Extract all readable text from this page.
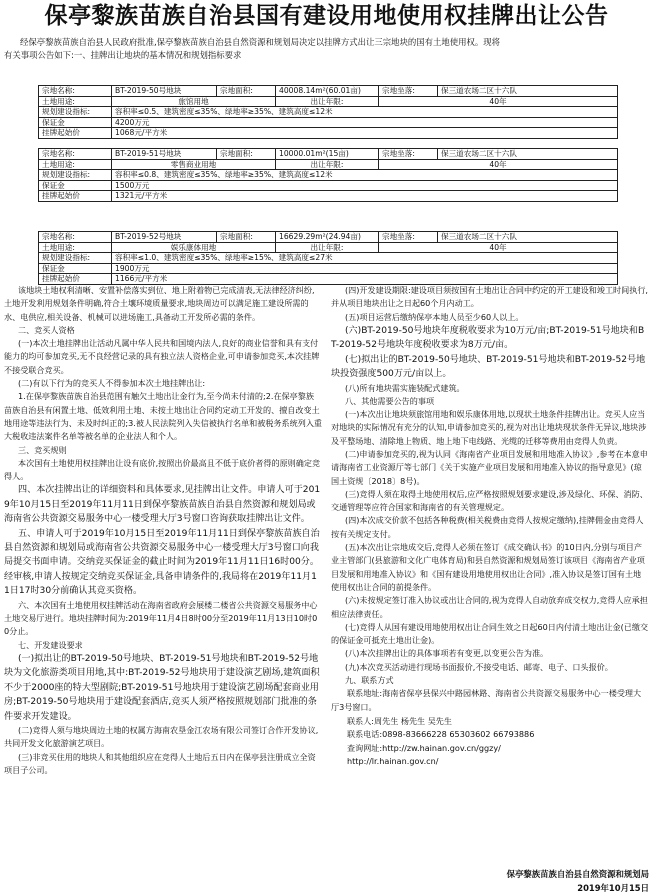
保亭黎族苗族自治县国有建设用地使用权挂牌出让公告

经保亭黎族苗族自治县人民政府批准,保亭黎族苗族自治县自然资源和规划局决定以挂牌方式出让三宗地块的国有土地使用权。现将

有关事项公告如下:一、挂牌出让地块的基本情况和规划指标要求

宗地名称:	BT-2019-50号地块	宗地面积:	40008.14m²(60.01亩)	宗地坐落:	保三道农场二区十六队
土地用途:	旅馆用地		出让年限:	40年	
规划建设指标:	容积率≤0.5、建筑密度≤35%、绿地率≥35%、建筑高度≤12米				
保证金	4200万元				
挂牌起始价	1068元/平方米				
宗地名称:	BT-2019-51号地块	宗地面积:	10000.01m²(15亩)	宗地坐落:	保三道农场二区十六队
土地用途:	零售商业用地		出让年限:	40年	
规划建设指标:	容积率≤0.8、建筑密度≤35%、绿地率≥35%、建筑高度≤12米				
保证金	1500万元				
挂牌起始价	1321元/平方米				
宗地名称:	BT-2019-52号地块	宗地面积:	16629.29m²(24.94亩)	宗地坐落:	保三道农场二区十六队
土地用途:	娱乐康体用地		出让年限:	40年	
规划建设指标:	容积率≤1.0、建筑密度≤35%、绿地率≥15%、建筑高度≤27米				
保证金	1900万元				
挂牌起始价	1166元/平方米				

该地块土地权利清晰、安置补偿落实到位、地上附着物已完成清表,无法律经济纠纷,土地开发利用规划条件明确,符合土壤环境质量要求,地块周边可以满足施工建设所需的水、电供应,相关设备、机械可以进场施工,具备动工开发所必需的条件。

二、竞买人资格

(一)本次土地挂牌出让活动凡属中华人民共和国境内法人,良好的商业信誉和具有支付能力的均可参加竞买,无不良经营记录的具有独立法人资格企业,可申请参加竞买,本次挂牌不接受联合竞买。

(二)有以下行为的竞买人不得参加本次土地挂牌出让:

1.在保亭黎族苗族自治县范围有触欠土地出让金行为,至今尚未付清的;2.在保亭黎族苗族自治县有闲置土地、低效利用土地、未按土地出让合同约定动工开发的、擅自改变土地用途等违法行为、未及时纠正的;3.被人民法院列入失信被执行名单和被税务系统列入重大税收违法案件名单等被名单的企业法人和个人。

三、竞买规则

本次国有土地使用权挂牌出让设有底价,按照出价最高且不低于底价者得的原则确定竞得人。

四、本次挂牌出让的详细资料和具体要求,见挂牌出让文件。申请人可于2019年10月15日至2019年11月11日到保亭黎族苗族自治县自然资源和规划局或海南省公共资源交易服务中心一楼受理大厅3号窗口咨询获取挂牌出让文件。

五、申请人可于2019年10月15日至2019年11月11日到保亭黎族苗族自治县自然资源和规划局或海南省公共资源交易服务中心一楼受理大厅3号窗口向我局提交书面申请。交纳竞买保证金的截止时间为2019年11月11日16时00分。经审核,申请人按规定交纳竞买保证金,具备申请条件的,我局将在2019年11月11日17时30分前确认其竞买资格。

六、本次国有土地使用权挂牌活动在海南省政府会展楼二楼省公共资源交易服务中心土地交易厅进行。地块挂牌时间为:2019年11月4日8时00分至2019年11月13日10时00分止。

七、开发建设要求

(一)拟出让的BT-2019-50号地块、BT-2019-51号地块和BT-2019-52号地块为文化旅游类项目用地,其中:BT-2019-52号地块用于建设演艺剧场,建筑面积不少于2000座的特大型剧院;BT-2019-51号地块用于建设演艺剧场配套商业用房;BT-2019-50号地块用于建设配套酒店,竞买人须严格按照规划部门批准的条件要求开发建设。

(二)竞得人须与地块周边土地的权属方海南农垦金江农场有限公司签订合作开发协议,共同开发文化旅游演艺项目。

(三)非竞买住用的地块人和其他组织应在竞得人土地后五日内在保亭县注册成立全资项目子公司。

(四)开发建设期限:建设项目须按国有土地出让合同中约定的开工建设和竣工时间执行,并从项目地块出让之日起60个月内动工。

(五)项目运营后缴纳保亭本地人员至少60人以上。

(六)BT-2019-50号地块年度税收要求为10万元/亩;BT-2019-51号地块和BT-2019-52号地块年度税收要求为8万元/亩。

(七)拟出让的BT-2019-50号地块、BT-2019-51号地块和BT-2019-52号地块投资强度500万元/亩以上。

(八)所有地块需实施装配式建筑。

八、其他需要公告的事项

(一)本次出让地块须旅馆用地和娱乐康体用地,以现状土地条件挂牌出让。竞买人应当对地块的实际情况有充分的认知,申请参加竞买的,视为对出让地块现状条件无异议,地块涉及平整场地、清除地上物质、地上地下电线路、光缆的迁移等费用由竞得人负责。

(二)申请参加竞买的,视为认同《海南省产业项目发展和用地准入协议》,参考在本意申请海南省工业资源厅等七部门《关于实施产业项目发展和用地准入协议的指导意见》(琼国土资规〔2018〕8号)。

(三)竞得人须在取得土地使用权后,应严格按照规划要求建设,涉及绿化、环保、消防、交通管理等应符合国家和海南省的有关管理规定。

(四)本次成交价款不包括各种税费(相关税费由竞得人按规定缴纳),挂牌佣金由竞得人按有关规定支付。

(五)本次出让宗地成交后,竞得人必须在签订《成交确认书》的10日内,分别与项目产业主管部门(县旅游和文化广电体育局)和县自然资源和规划局签订该项目《海南省产业项目发展和用地准入协议》和《国有建设用地使用权出让合同》,准入协议是签订国有土地使用权出让合同的前提条件。

(六)未按规定签订准入协议或出让合同的,视为竞得人自动放弃成交权力,竞得人应承担相应法律责任。

(七)竞得人从国有建设用地使用权出让合同生效之日起60日内付清土地出让金(已缴交的保证金可抵充土地出让金)。

(八)本次挂牌出让的具体事项若有变更,以变更公告为准。

(九)本次竞买活动进行现场书面报价,不接受电话、邮寄、电子、口头报价。

九、联系方式

联系地址:海南省保亭县保兴中路园林路、海南省公共资源交易服务中心一楼受理大厅3号窗口。

联系人:周先生 杨先生 吴先生

联系电话:0898-83666228 65303602 66793886

查询网址:http://zw.hainan.gov.cn/ggzy/

http://lr.hainan.gov.cn/

保亭黎族苗族自治县自然资源和规划局
2019年10月15日
